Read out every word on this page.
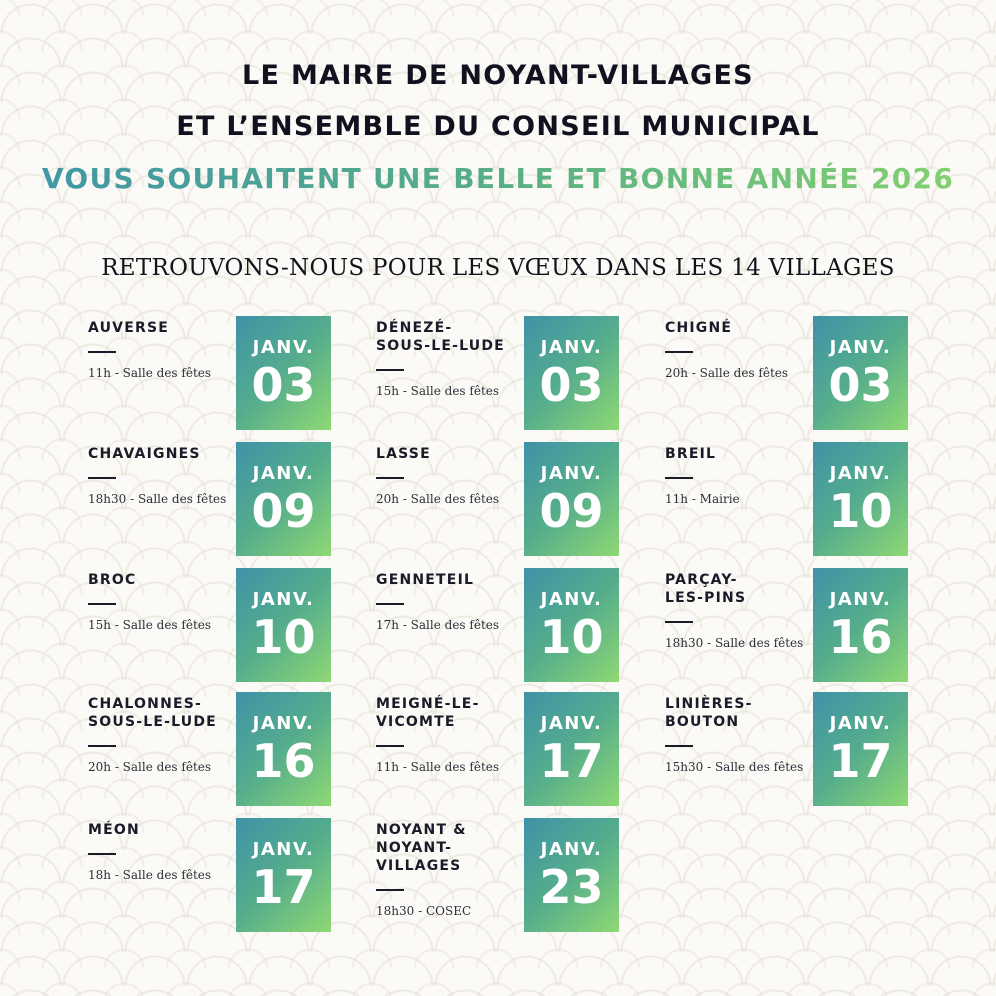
LE MAIRE DE NOYANT-VILLAGES
ET L’ENSEMBLE DU CONSEIL MUNICIPAL
VOUS SOUHAITENT UNE BELLE ET BONNE ANNÉE 2026
RETROUVONS-NOUS POUR LES VŒUX DANS LES 14 VILLAGES
AUVERSE
11h - Salle des fêtes
JANV.
03
DÉNEZÉ-
SOUS-LE-LUDE
15h - Salle des fêtes
JANV.
03
CHIGNÉ
20h - Salle des fêtes
JANV.
03
CHAVAIGNES
18h30 - Salle des fêtes
JANV.
09
LASSE
20h - Salle des fêtes
JANV.
09
BREIL
11h - Mairie
JANV.
10
BROC
15h - Salle des fêtes
JANV.
10
GENNETEIL
17h - Salle des fêtes
JANV.
10
PARÇAY-
LES-PINS
18h30 - Salle des fêtes
JANV.
16
CHALONNES-
SOUS-LE-LUDE
20h - Salle des fêtes
JANV.
16
MEIGNÉ-LE-
VICOMTE
11h - Salle des fêtes
JANV.
17
LINIÈRES-
BOUTON
15h30 - Salle des fêtes
JANV.
17
MÉON
18h - Salle des fêtes
JANV.
17
NOYANT &
NOYANT-
VILLAGES
18h30 - COSEC
JANV.
23
